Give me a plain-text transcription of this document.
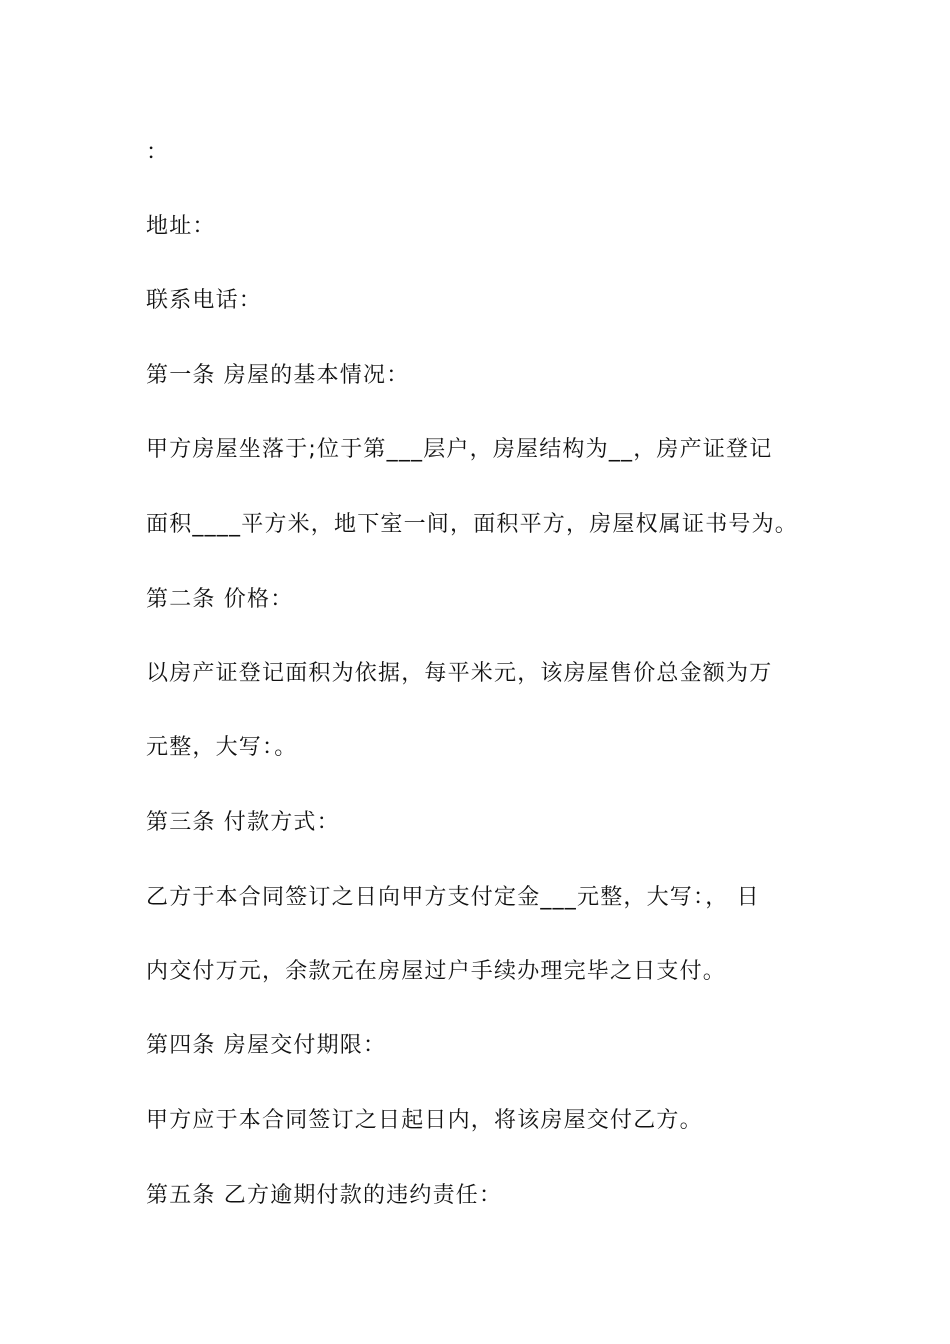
：
地址：
联系电话：
第一条 房屋的基本情况：
甲方房屋坐落于;位于第___层户，房屋结构为__，房产证登记
面积____平方米，地下室一间，面积平方，房屋权属证书号为。
第二条 价格：
以房产证登记面积为依据，每平米元，该房屋售价总金额为万
元整，大写：。
第三条 付款方式：
乙方于本合同签订之日向甲方支付定金___元整，大写：， 日
内交付万元，余款元在房屋过户手续办理完毕之日支付。
第四条 房屋交付期限：
甲方应于本合同签订之日起日内，将该房屋交付乙方。
第五条 乙方逾期付款的违约责任：
